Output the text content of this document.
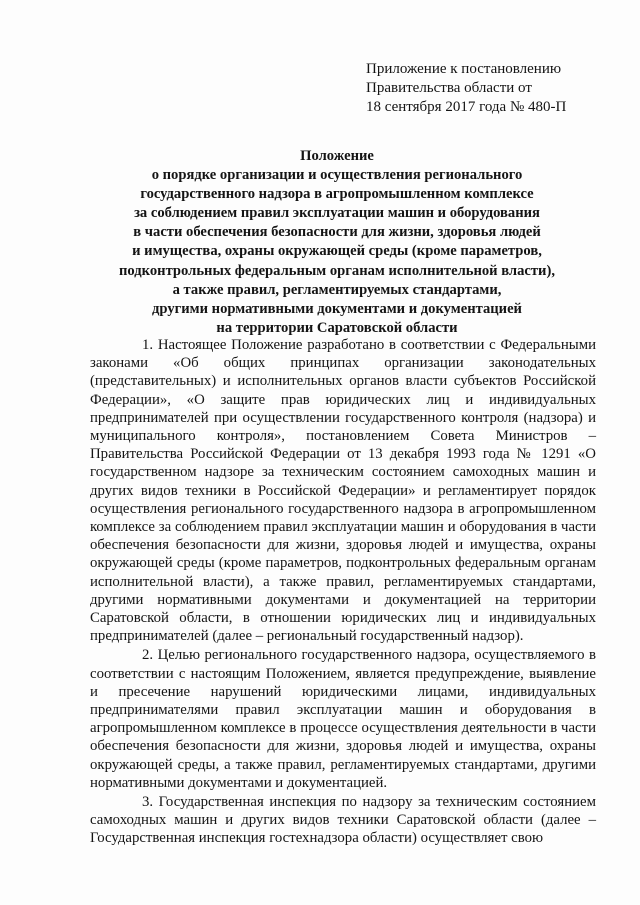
Приложение к постановлению
Правительства области от
18 сентября 2017 года № 480-П
Положение
о порядке организации и осуществления регионального
государственного надзора в агропромышленном комплексе
за соблюдением правил эксплуатации машин и оборудования
в части обеспечения безопасности для жизни, здоровья людей
и имущества, охраны окружающей среды (кроме параметров,
подконтрольных федеральным органам исполнительной власти),
а также правил, регламентируемых стандартами,
другими нормативными документами и документацией
на территории Саратовской области

1. Настоящее Положение разработано в соответствии с Федеральными законами «Об общих принципах организации законодательных (представительных) и исполнительных органов власти субъектов Российской Федерации», «О защите прав юридических лиц и индивидуальных предпринимателей при осуществлении государственного контроля (надзора) и муниципального контроля», постановлением Совета Министров – Правительства Российской Федерации от 13 декабря 1993 года № 1291 «О государственном надзоре за техническим состоянием самоходных машин и других видов техники в Российской Федерации» и регламентирует порядок осуществления регионального государственного надзора в агропромышленном комплексе за соблюдением правил эксплуатации машин и оборудования в части обеспечения безопасности для жизни, здоровья людей и имущества, охраны окружающей среды (кроме параметров, подконтрольных федеральным органам исполнительной власти), а также правил, регламентируемых стандартами, другими нормативными документами и документацией на территории Саратовской области, в отношении юридических лиц и индивидуальных предпринимателей (далее – региональный государственный надзор).

2. Целью регионального государственного надзора, осуществляемого в соответствии с настоящим Положением, является предупреждение, выявление и пресечение нарушений юридическими лицами, индивидуальных предпринимателями правил эксплуатации машин и оборудования в агропромышленном комплексе в процессе осуществления деятельности в части обеспечения безопасности для жизни, здоровья людей и имущества, охраны окружающей среды, а также правил, регламентируемых стандартами, другими нормативными документами и документацией.

3. Государственная инспекция по надзору за техническим состоянием самоходных машин и других видов техники Саратовской области (далее – Государственная инспекция гостехнадзора области) осуществляет свою
